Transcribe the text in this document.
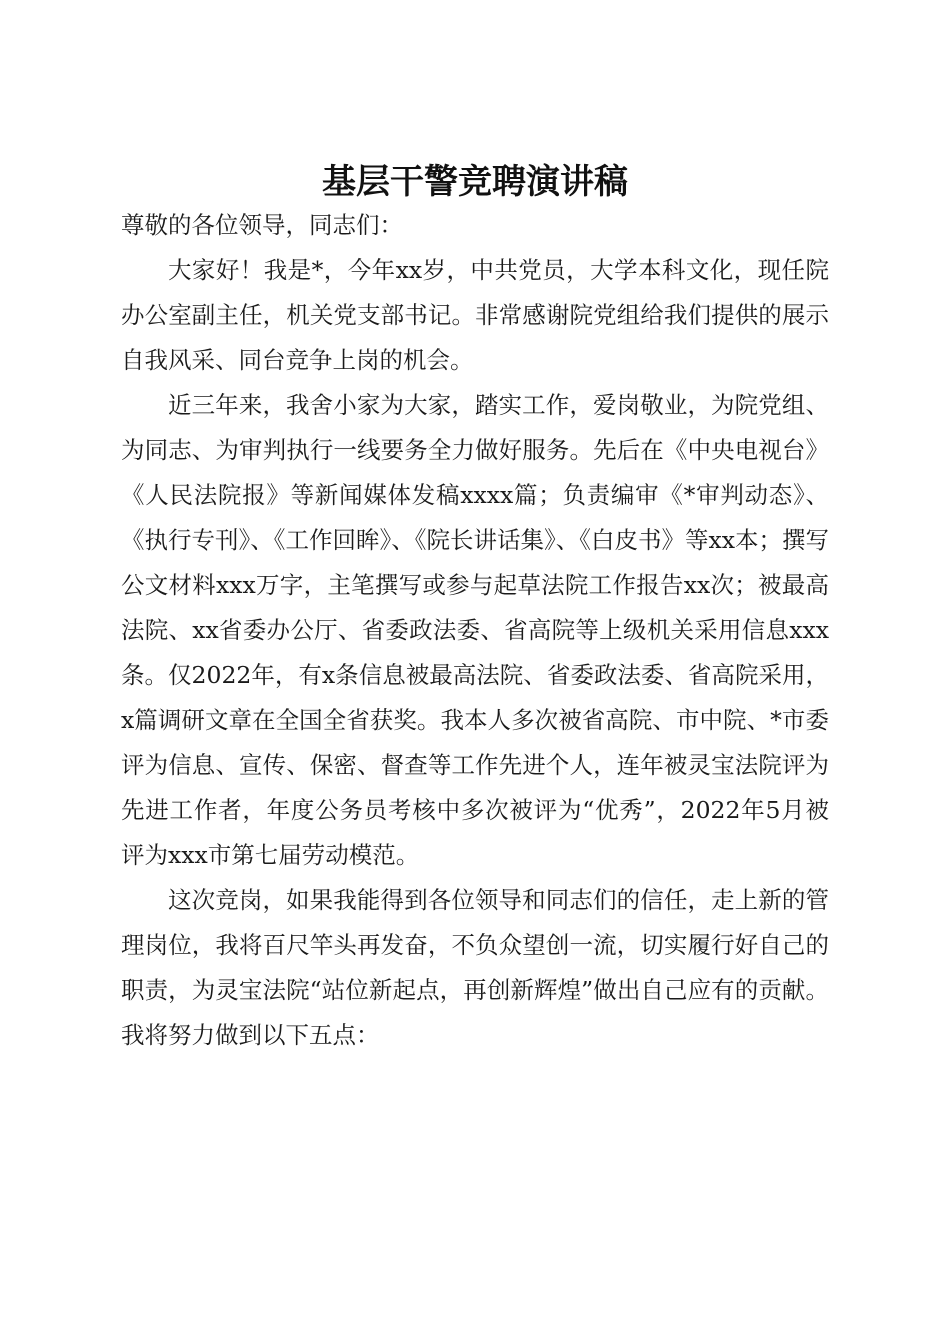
基层干警竞聘演讲稿

尊敬的各位领导，同志们：

大家好！我是*，今年xx岁，中共党员，大学本科文化，现任院办公室副主任，机关党支部书记。非常感谢院党组给我们提供的展示自我风采、同台竞争上岗的机会。

近三年来，我舍小家为大家，踏实工作，爱岗敬业，为院党组、为同志、为审判执行一线要务全力做好服务。先后在《中央电视台》《人民法院报》等新闻媒体发稿xxxx篇；负责编审《*审判动态》、《执行专刊》、《工作回眸》、《院长讲话集》、《白皮书》等xx本；撰写公文材料xxx万字，主笔撰写或参与起草法院工作报告xx次；被最高法院、xx省委办公厅、省委政法委、省高院等上级机关采用信息xxx条。仅2022年，有x条信息被最高法院、省委政法委、省高院采用，x篇调研文章在全国全省获奖。我本人多次被省高院、市中院、*市委评为信息、宣传、保密、督查等工作先进个人，连年被灵宝法院评为先进工作者，年度公务员考核中多次被评为“优秀”，2022年5月被评为xxx市第七届劳动模范。

这次竞岗，如果我能得到各位领导和同志们的信任，走上新的管理岗位，我将百尺竿头再发奋，不负众望创一流，切实履行好自己的职责，为灵宝法院“站位新起点，再创新辉煌”做出自己应有的贡献。我将努力做到以下五点：
